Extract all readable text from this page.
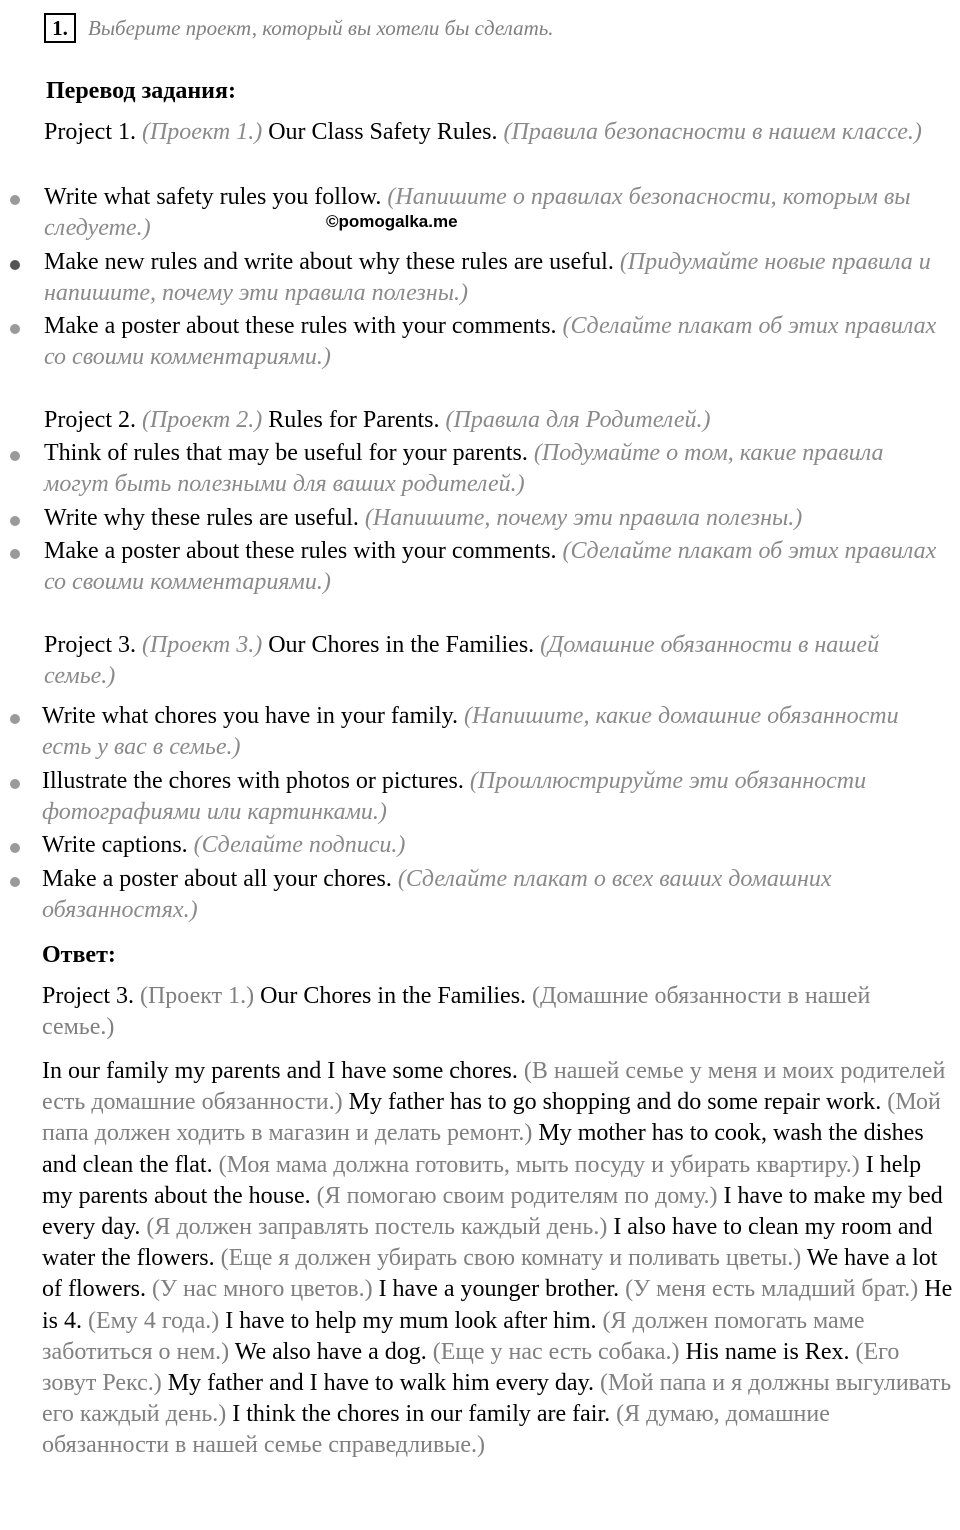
1. Выберите проект, который вы хотели бы сделать.
Перевод задания:

Project 1. (Проект 1.) Our Class Safety Rules. (Правила безопасности в нашем классе.)

Write what safety rules you follow. (Напишите о правилах безопасности, которым вы следуете.)	©pomogalka.me

Make new rules and write about why these rules are useful. (Придумайте новые правила и напишите, почему эти правила полезны.)

Make a poster about these rules with your comments. (Сделайте плакат об этих правилах со своими комментариями.)

Project 2. (Проект 2.) Rules for Parents. (Правила для Родителей.)

Think of rules that may be useful for your parents. (Подумайте о том, какие правила могут быть полезными для ваших родителей.)

Write why these rules are useful. (Напишите, почему эти правила полезны.)

Make a poster about these rules with your comments. (Сделайте плакат об этих правилах со своими комментариями.)

Project 3. (Проект 3.) Our Chores in the Families. (Домашние обязанности в нашей семье.)

Write what chores you have in your family. (Напишите, какие домашние обязанности есть у вас в семье.)

Illustrate the chores with photos or pictures. (Проиллюстрируйте эти обязанности фотографиями или картинками.)

Write captions. (Сделайте подписи.)

Make a poster about all your chores. (Сделайте плакат о всех ваших домашних обязанностях.)

Ответ:

Project 3. (Проект 1.) Our Chores in the Families. (Домашние обязанности в нашей семье.)

In our family my parents and I have some chores. (В нашей семье у меня и моих родителей есть домашние обязанности.) My father has to go shopping and do some repair work. (Мой папа должен ходить в магазин и делать ремонт.) My mother has to cook, wash the dishes and clean the flat. (Моя мама должна готовить, мыть посуду и убирать квартиру.) I help my parents about the house. (Я помогаю своим родителям по дому.) I have to make my bed every day. (Я должен заправлять постель каждый день.) I also have to clean my room and water the flowers. (Еще я должен убирать свою комнату и поливать цветы.) We have a lot of flowers. (У нас много цветов.) I have a younger brother. (У меня есть младший брат.) He is 4. (Ему 4 года.) I have to help my mum look after him. (Я должен помогать маме заботиться о нем.) We also have a dog. (Еще у нас есть собака.) His name is Rex. (Его зовут Рекс.) My father and I have to walk him every day. (Мой папа и я должны выгуливать его каждый день.) I think the chores in our family are fair. (Я думаю, домашние обязанности в нашей семье справедливые.)
